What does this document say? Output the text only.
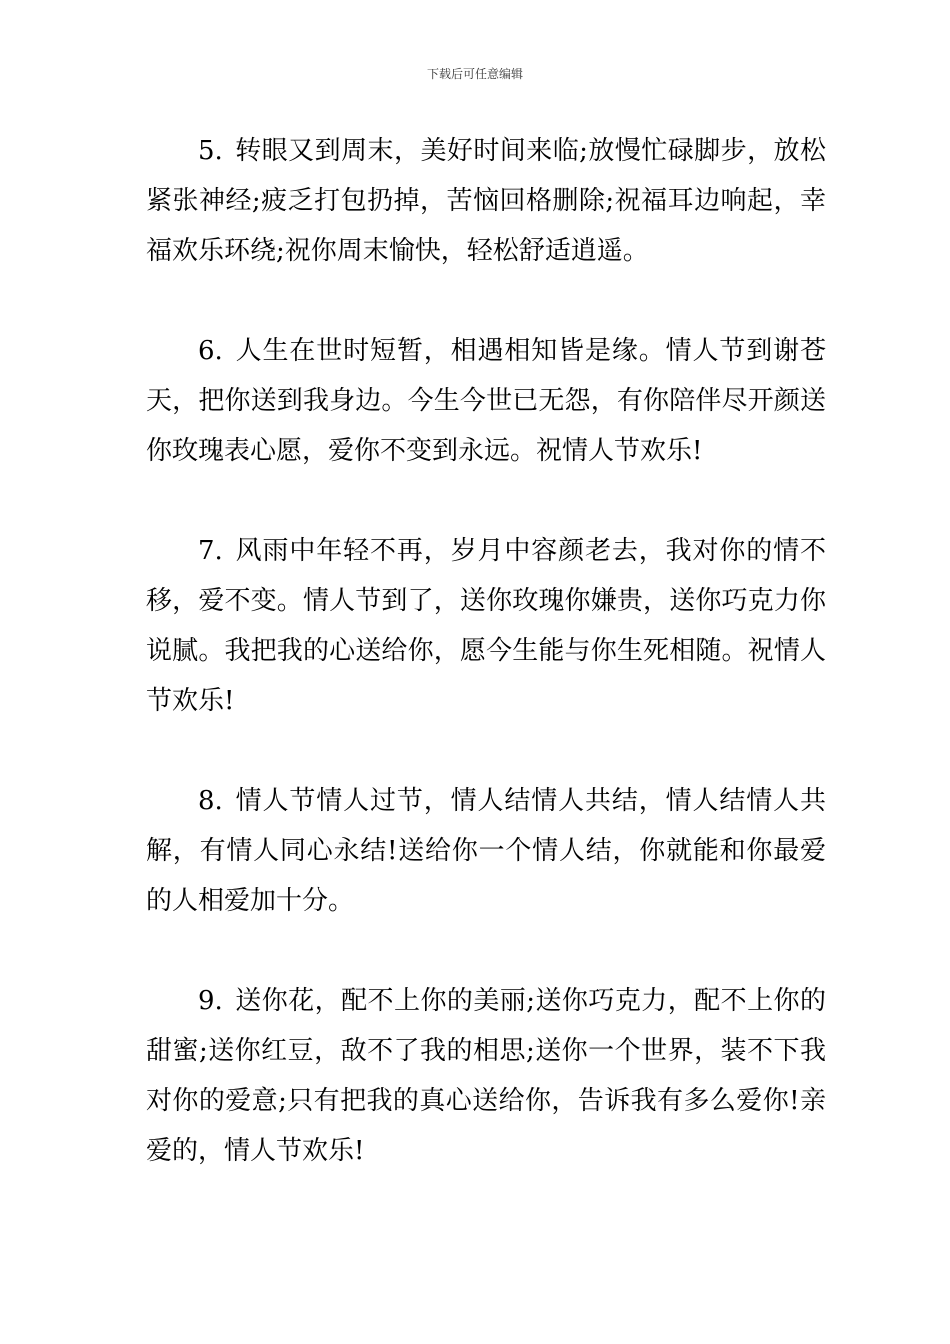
下载后可任意编辑

5. 转眼又到周末，美好时间来临;放慢忙碌脚步，放松紧张神经;疲乏打包扔掉，苦恼回格删除;祝福耳边响起，幸福欢乐环绕;祝你周末愉快，轻松舒适逍遥。

6. 人生在世时短暂，相遇相知皆是缘。情人节到谢苍天，把你送到我身边。今生今世已无怨，有你陪伴尽开颜送你玫瑰表心愿，爱你不变到永远。祝情人节欢乐!

7. 风雨中年轻不再，岁月中容颜老去，我对你的情不移，爱不变。情人节到了，送你玫瑰你嫌贵，送你巧克力你说腻。我把我的心送给你，愿今生能与你生死相随。祝情人节欢乐!

8. 情人节情人过节，情人结情人共结，情人结情人共解，有情人同心永结!送给你一个情人结，你就能和你最爱的人相爱加十分。

9. 送你花，配不上你的美丽;送你巧克力，配不上你的甜蜜;送你红豆，敌不了我的相思;送你一个世界，装不下我对你的爱意;只有把我的真心送给你，告诉我有多么爱你!亲爱的，情人节欢乐!
